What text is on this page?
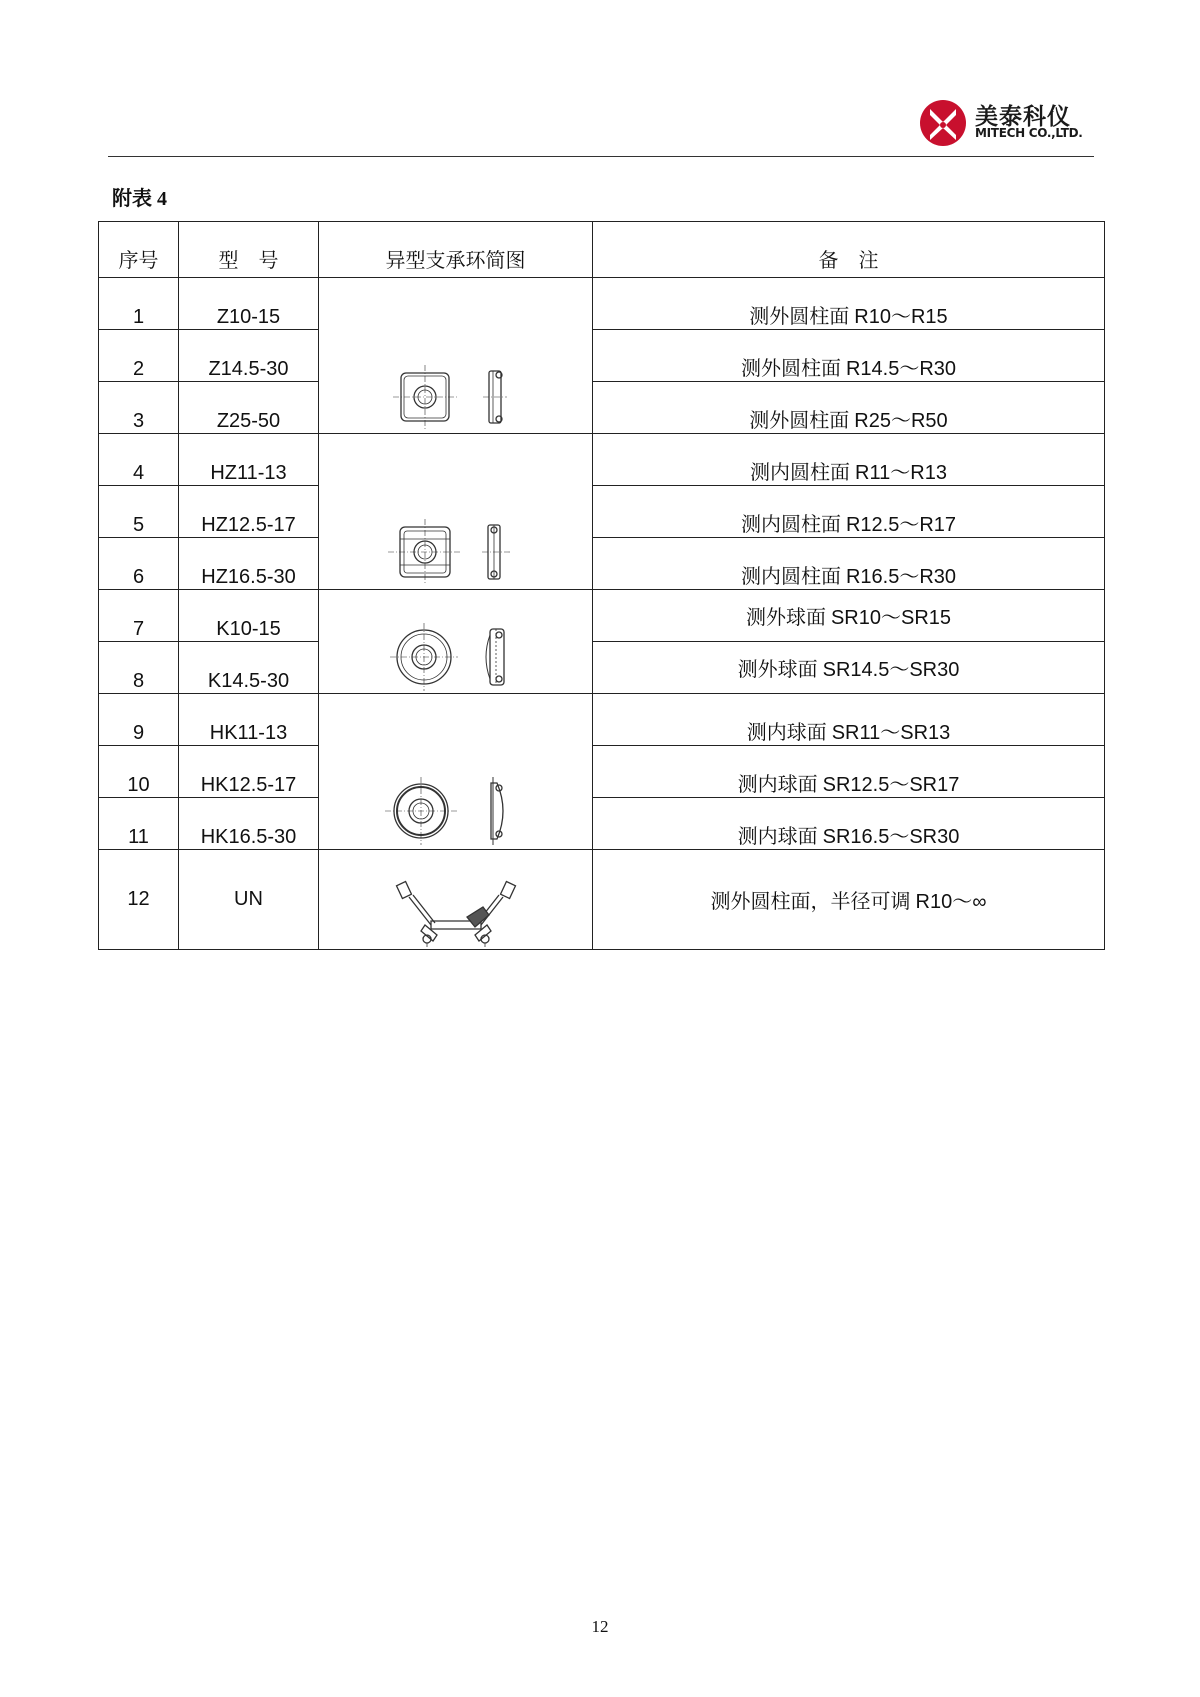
美泰科仪
MITECH CO.,LTD.
附表 4
序号	型　号	异型支承环简图	备　注
1	Z10-15		测外圆柱面 R10～R15
2	Z14.5-30		测外圆柱面 R14.5～R30
3	Z25-50		测外圆柱面 R25～R50
4	HZ11-13		测内圆柱面 R11～R13
5	HZ12.5-17		测内圆柱面 R12.5～R17
6	HZ16.5-30		测内圆柱面 R16.5～R30
7	K10-15		测外球面 SR10～SR15
8	K14.5-30		测外球面 SR14.5～SR30
9	HK11-13		测内球面 SR11～SR13
10	HK12.5-17		测内球面 SR12.5～SR17
11	HK16.5-30		测内球面 SR16.5～SR30
12	UN		测外圆柱面，半径可调 R10～∞
12
